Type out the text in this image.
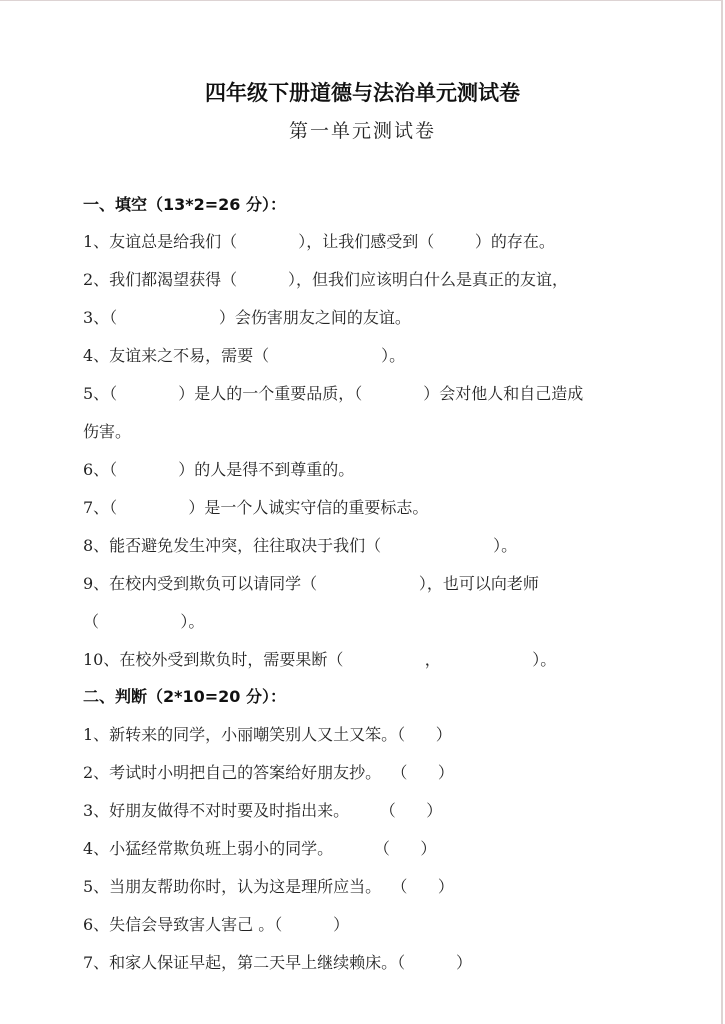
四年级下册道德与法治单元测试卷
第一单元测试卷
一、填空（13*2=26 分）：
1、友谊总是给我们（            ），让我们感受到（        ）的存在。
2、我们都渴望获得（          ），但我们应该明白什么是真正的友谊，
3、（                    ）会伤害朋友之间的友谊。
4、友谊来之不易，需要（                      ）。
5、（            ）是人的一个重要品质，（            ）会对他人和自己造成
伤害。
6、（            ）的人是得不到尊重的。
7、（              ）是一个人诚实守信的重要标志。
8、能否避免发生冲突，往往取决于我们（                      ）。
9、在校内受到欺负可以请同学（                    ），也可以向老师
（                ）。
10、在校外受到欺负时，需要果断（                ，                  ）。
二、判断（2*10=20 分）：
1、新转来的同学，小丽嘲笑别人又土又笨。（      ）
2、考试时小明把自己的答案给好朋友抄。  （      ）
3、好朋友做得不对时要及时指出来。      （      ）
4、小猛经常欺负班上弱小的同学。        （      ）
5、当朋友帮助你时，认为这是理所应当。  （      ）
6、失信会导致害人害己 。（          ）
7、和家人保证早起，第二天早上继续赖床。（          ）
